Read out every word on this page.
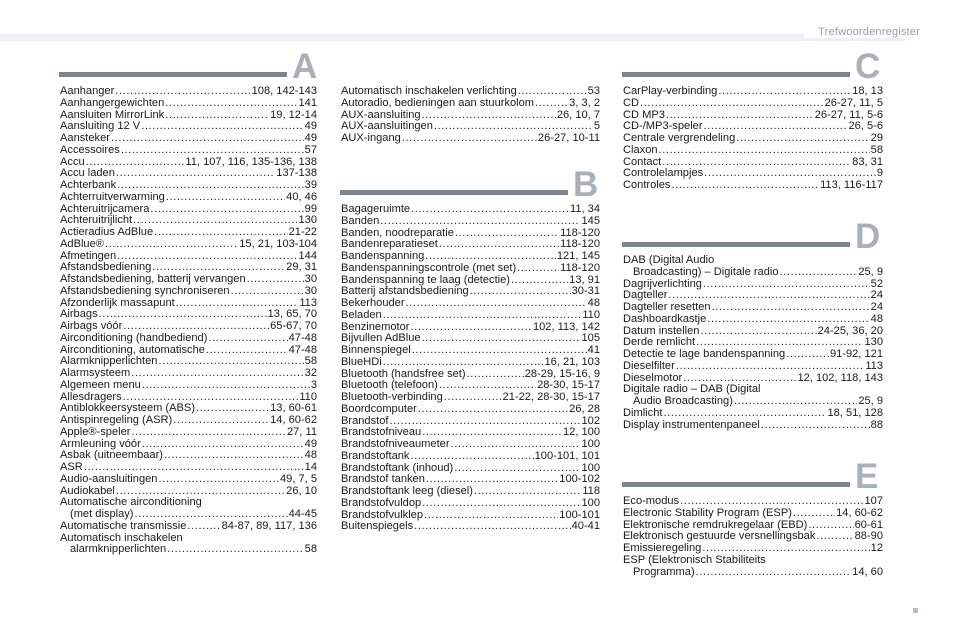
Trefwoordenregister
A
B
C
D
E
Aanhanger .....	108, 142-143
Aanhangergewichten .....	141
Aansluiten MirrorLink .....	19, 12-14
Aansluiting 12 V .....	49
Aansteker .....	49
Accessoires .....	57
Accu .....	11, 107, 116, 135-136, 138
Accu laden .....	137-138
Achterbank .....	39
Achterruitverwarming .....	40, 46
Achteruitrijcamera .....	99
Achteruitrijlicht .....	130
Actieradius AdBlue .....	21-22
AdBlue® .....	15, 21, 103-104
Afmetingen .....	144
Afstandsbediening .....	29, 31
Afstandsbediening, batterij vervangen .....	30
Afstandsbediening synchroniseren .....	30
Afzonderlijk massapunt .....	113
Airbags .....	13, 65, 70
Airbags vóór .....	65-67, 70
Airconditioning (handbediend) .....	47-48
Airconditioning, automatische .....	47-48
Alarmknipperlichten .....	58
Alarmsysteem .....	32
Algemeen menu .....	3
Allesdragers .....	110
Antiblokkeersysteem (ABS) .....	13, 60-61
Antispinregeling (ASR) .....	14, 60-62
Apple®-speler .....	27, 11
Armleuning vóór .....	49
Asbak (uitneembaar) .....	48
ASR .....	14
Audio-aansluitingen .....	49, 7, 5
Audiokabel .....	26, 10
Automatische airconditioning
(met display) .....	44-45
Automatische transmissie .....	84-87, 89, 117, 136
Automatisch inschakelen
alarmknipperlichten .....	58
Automatisch inschakelen verlichting .....	53
Autoradio, bedieningen aan stuurkolom .....	3, 3, 2
AUX-aansluiting .....	26, 10, 7
AUX-aansluitingen .....	5
AUX-ingang .....	26-27, 10-11
Bagageruimte .....	11, 34
Banden .....	145
Banden, noodreparatie .....	118-120
Bandenreparatieset .....	118-120
Bandenspanning .....	121, 145
Bandenspanningscontrole (met set) .....	118-120
Bandenspanning te laag (detectie) .....	13, 91
Batterij afstandsbediening .....	30-31
Bekerhouder .....	48
Beladen .....	110
Benzinemotor .....	102, 113, 142
Bijvullen AdBlue .....	105
Binnenspiegel .....	41
BlueHDi .....	16, 21, 103
Bluetooth (handsfree set) .....	28-29, 15-16, 9
Bluetooth (telefoon) .....	28-30, 15-17
Bluetooth-verbinding .....	21-22, 28-30, 15-17
Boordcomputer .....	26, 28
Brandstof .....	102
Brandstofniveau .....	12, 100
Brandstofniveaumeter .....	100
Brandstoftank .....	100-101, 101
Brandstoftank (inhoud) .....	100
Brandstof tanken .....	100-102
Brandstoftank leeg (diesel) .....	118
Brandstofvuldop .....	100
Brandstofvulklep .....	100-101
Buitenspiegels .....	40-41
CarPlay-verbinding .....	18, 13
CD .....	26-27, 11, 5
CD MP3 .....	26-27, 11, 5-6
CD-/MP3-speler .....	26, 5-6
Centrale vergrendeling .....	29
Claxon .....	58
Contact .....	83, 31
Controlelampjes .....	9
Controles .....	113, 116-117
DAB (Digital Audio
Broadcasting) – Digitale radio .....	25, 9
Dagrijverlichting .....	52
Dagteller .....	24
Dagteller resetten .....	24
Dashboardkastje .....	48
Datum instellen .....	24-25, 36, 20
Derde remlicht .....	130
Detectie te lage bandenspanning .....	91-92, 121
Dieselfilter .....	113
Dieselmotor .....	12, 102, 118, 143
Digitale radio – DAB (Digital
Audio Broadcasting) .....	25, 9
Dimlicht .....	18, 51, 128
Display instrumentenpaneel .....	88
Eco-modus .....	107
Electronic Stability Program (ESP) .....	14, 60-62
Elektronische remdrukregelaar (EBD) .....	60-61
Elektronisch gestuurde versnellingsbak .....	88-90
Emissieregeling .....	12
ESP (Elektronisch Stabiliteits
Programma) .....	14, 60
